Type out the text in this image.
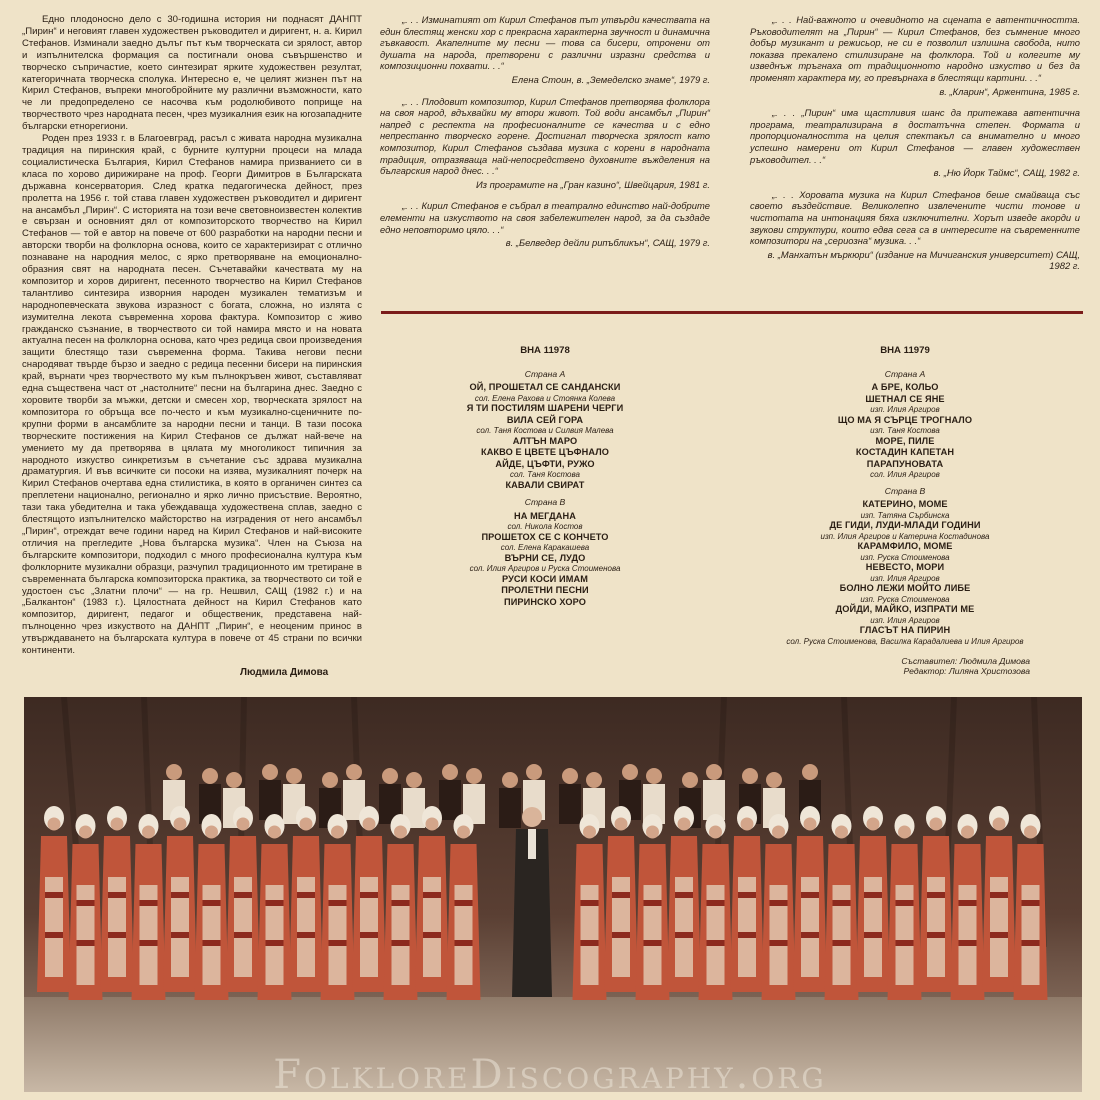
Едно плодоносно дело с 30-годишна история ни поднасят ДАНПТ „Пирин“ и неговият главен художествен ръководител и диригент, н. а. Кирил Стефанов. Изминали заедно дълъг път към творческата си зрялост, автор и изпълнителска формация са постигнали онова съвършенство и творческо съпричастие, което синтезират ярките художествен резултат, категоричната творческа сполука. Интересно е, че целият жизнен път на Кирил Стефанов, въпреки многобройните му различни възможности, като че ли предопределено се насочва към родолюбивото поприще на творчеството чрез народната песен, чрез музикалния език на югозападните български етнорегиони.

Роден през 1933 г. в Благоевград, расъл с живата народна музикална традиция на пиринския край, с бурните културни процеси на млада социалистическа България, Кирил Стефанов намира призванието си в класа по хорово дирижиране на проф. Георги Димитров в Българската държавна консерватория. След кратка педагогическа дейност, през пролетта на 1956 г. той става главен художествен ръководител и диригент на ансамбъл „Пирин“. С историята на този вече световноизвестен колектив е свързан и основният дял от композиторското творчество на Кирил Стефанов — той е автор на повече от 600 разработки на народни песни и авторски творби на фолклорна основа, които се характеризират с отлично познаване на народния мелос, с ярко претворяване на емоционално-образния свят на народната песен. Съчетавайки качествата му на композитор и хоров диригент, песенното творчество на Кирил Стефанов талантливо синтезира изворния народен музикален тематизъм и народнопевческата звукова изразност с богата, сложна, но излята с изумителна лекота съвременна хорова фактура. Композитор с живо гражданско съзнание, в творчеството си той намира място и на новата актуална песен на фолклорна основа, като чрез редица свои произведения защити блестящо тази съвременна форма. Такива негови песни снародяват твърде бързо и заедно с редица песенни бисери на пиринския край, върнати чрез творчеството му към пълнокръвен живот, съставляват една съществена част от „настолните“ песни на българина днес. Заедно с хоровите творби за мъжки, детски и смесен хор, творческата зрялост на композитора го обръща все по-често и към музикално-сценичните по-крупни форми в ансамблите за народни песни и танци. В тази посока творческите постижения на Кирил Стефанов се дължат най-вече на умението му да претворява в цялата му многоликост типичния за народното изкуство синкретизъм в съчетание със здрава музикална драматургия. И във всичките си посоки на изява, музикалният почерк на Кирил Стефанов очертава една стилистика, в която в органичен синтез са преплетени национално, регионално и ярко лично присъствие. Вероятно, тази така убедителна и така убеждаваща художествена сплав, заедно с блестящото изпълнителско майсторство на изградения от него ансамбъл „Пирин“, отреждат вече години наред на Кирил Стефанов и най-високите отличия на прегледите „Нова българска музика“. Член на Съюза на българските композитори, подходил с много професионална култура към фолклорните музикални образци, разчупил традиционното им третиране в съвременната българска композиторска практика, за творчеството си той е удостоен със „Златни плочи“ — на гр. Нешвил, САЩ (1982 г.) и на „Балкантон“ (1983 г.). Цялостната дейност на Кирил Стефанов като композитор, диригент, педагог и общественик, представена най-пълноценно чрез изкуството на ДАНПТ „Пирин“, е неоценим принос в утвърждаването на българската култура в повече от 45 страни по всички континенти.

Людмила Димова
„. . . Изминатият от Кирил Стефанов път утвърди качествата на един блестящ женски хор с прекрасна характерна звучност и динамична гъвкавост. Акапелните му песни — това са бисери, отронени от душата на народа, претворени с различни изразни средства и композиционни похвати. . .“
Елена Стоин, в. „Земеделско знаме“, 1979 г.
„. . . Плодовит композитор, Кирил Стефанов претворява фолклора на своя народ, вдъхвайки му втори живот. Той води ансамбъл „Пирин“ напред с респекта на професионалните се качества и с едно непрестанно творческо горене. Достигнал творческа зрялост като композитор, Кирил Стефанов създава музика с корени в народната традиция, отразяваща най-непосредствено духовните въжделения на българския народ днес. . .“
Из програмите на „Гран казино“, Швейцария, 1981 г.
„. . . Кирил Стефанов е събрал в театрално единство най-добрите елементи на изкуството на своя забележителен народ, за да създаде едно неповторимо цяло. . .“
в. „Белведер дейли рипъбликън“, САЩ, 1979 г.
„. . . Най-важното и очевидното на сцената е автентичността. Ръководителят на „Пирин“ — Кирил Стефанов, без съмнение много добър музикант и режисьор, не си е позволил излишна свобода, нито показва прекалено стилизиране на фолклора. Той и колегите му изведнъж тръгнаха от традиционното народно изкуство и без да променят характера му, го превърнаха в блестящи картини. . .“
в. „Кларин“, Аржентина, 1985 г.
„. . . „Пирин“ има щастливия шанс да притежава автентична програма, театрализирана в достатъчна степен. Формата и пропорционалността на целия спектакъл са внимателно и много успешно намерени от Кирил Стефанов — главен художествен ръководител. . .“
в. „Ню Йорк Таймс“, САЩ, 1982 г.
„. . . Хоровата музика на Кирил Стефанов беше смайваща със своето въздействие. Великолепно извлечените чисти тонове и чистотата на интонацияя бяха изключителни. Хорът изведе акорди и звукови структури, които едва сега са в интересите на съвременните композитори на „сериозна“ музика. . .“
в. „Манхатън мъркюри“ (издание на Мичиганския университет) САЩ, 1982 г.
ВНА 11978
Страна А
ОЙ, ПРОШЕТАЛ СЕ САНДАНСКИ
сол. Елена Рахова и Стоянка Колева
Я ТИ ПОСТИЛЯМ ШАРЕНИ ЧЕРГИ
ВИЛА СЕЙ ГОРА
сол. Таня Костова и Силвия Малева
АЛТЪН МАРО
КАКВО Е ЦВЕТЕ ЦЪФНАЛО
АЙДЕ, ЦЪФТИ, РУЖО
сол. Таня Костова
КАВАЛИ СВИРАТ
Страна В
НА МЕГДАНА
сол. Никола Костов
ПРОШЕТОХ СЕ С КОНЧЕТО
сол. Елена Каракашева
ВЪРНИ СЕ, ЛУДО
сол. Илия Аргиров и Руска Стоименова
РУСИ КОСИ ИМАМ
ПРОЛЕТНИ ПЕСНИ
ПИРИНСКО ХОРО
ВНА 11979
Страна А
А БРЕ, КОЛЬО
ШЕТНАЛ СЕ ЯНЕ
изп. Илия Аргиров
ЩО МА Я СЪРЦЕ ТРОГНАЛО
изп. Таня Костова
МОРЕ, ПИЛЕ
КОСТАДИН КАПЕТАН
ПАРАПУНОВАТА
сол. Илия Аргиров
Страна В
КАТЕРИНО, МОМЕ
изп. Татяна Сърбинска
ДЕ ГИДИ, ЛУДИ-МЛАДИ ГОДИНИ
изп. Илия Аргиров и Катерина Костадинова
КАРАМФИЛО, МОМЕ
изп. Руска Стоименова
НЕВЕСТО, МОРИ
изп. Илия Аргиров
БОЛНО ЛЕЖИ МОЙТО ЛИБЕ
изп. Руска Стоименова
ДОЙДИ, МАЙКО, ИЗПРАТИ МЕ
изп. Илия Аргиров
ГЛАСЪТ НА ПИРИН
сол. Руска Стоименова, Василка Карадалиева и Илия Аргиров
Съставител: Людмила Димова
Редактор: Лиляна Христозова
FolkloreDiscography.org
